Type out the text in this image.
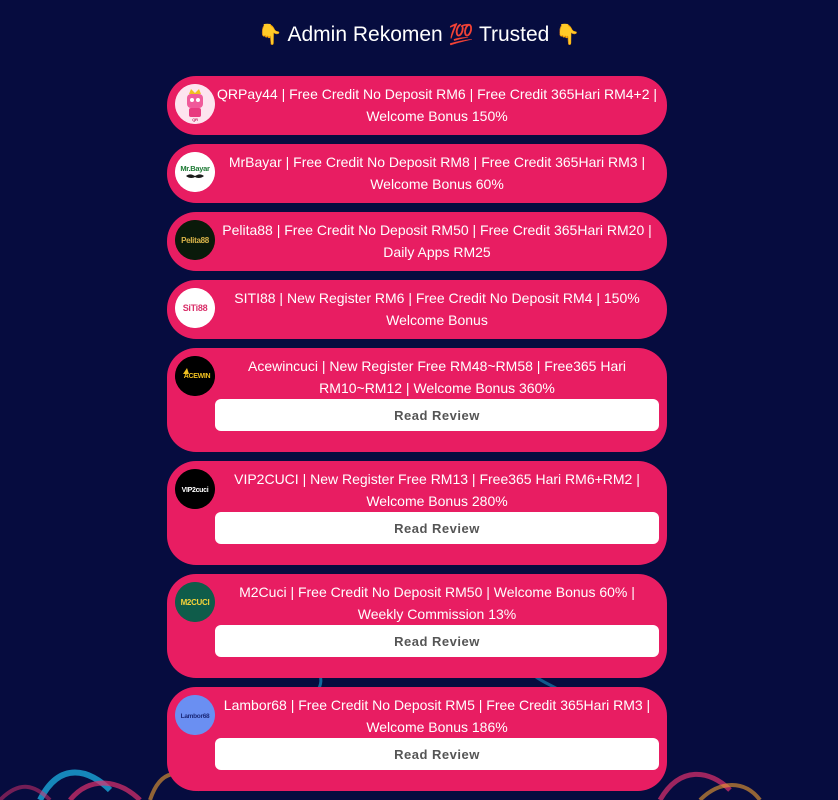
👇 Admin Rekomen 💯 Trusted 👇
QR
QRPay44 | Free Credit No Deposit RM6 | Free Credit 365Hari RM4+2 | Welcome Bonus 150%
Mr.Bayar	MrBayar | Free Credit No Deposit RM8 | Free Credit 365Hari RM3 | Welcome Bonus 60%
Pelita88
Pelita88 | Free Credit No Deposit RM50 | Free Credit 365Hari RM20 | Daily Apps RM25
SiTi88
SITI88 | New Register RM6 | Free Credit No Deposit RM4 | 150% Welcome Bonus
ACEWIN
Acewincuci | New Register Free RM48~RM58 | Free365 Hari RM10~RM12 | Welcome Bonus 360%
Read Review
VIP2cuci
VIP2CUCI | New Register Free RM13 | Free365 Hari RM6+RM2 | Welcome Bonus 280%
Read Review
M2CUCI
M2Cuci | Free Credit No Deposit RM50 | Welcome Bonus 60% | Weekly Commission 13%
Read Review
Lambor68
Lambor68 | Free Credit No Deposit RM5 | Free Credit 365Hari RM3 | Welcome Bonus 186%
Read Review
